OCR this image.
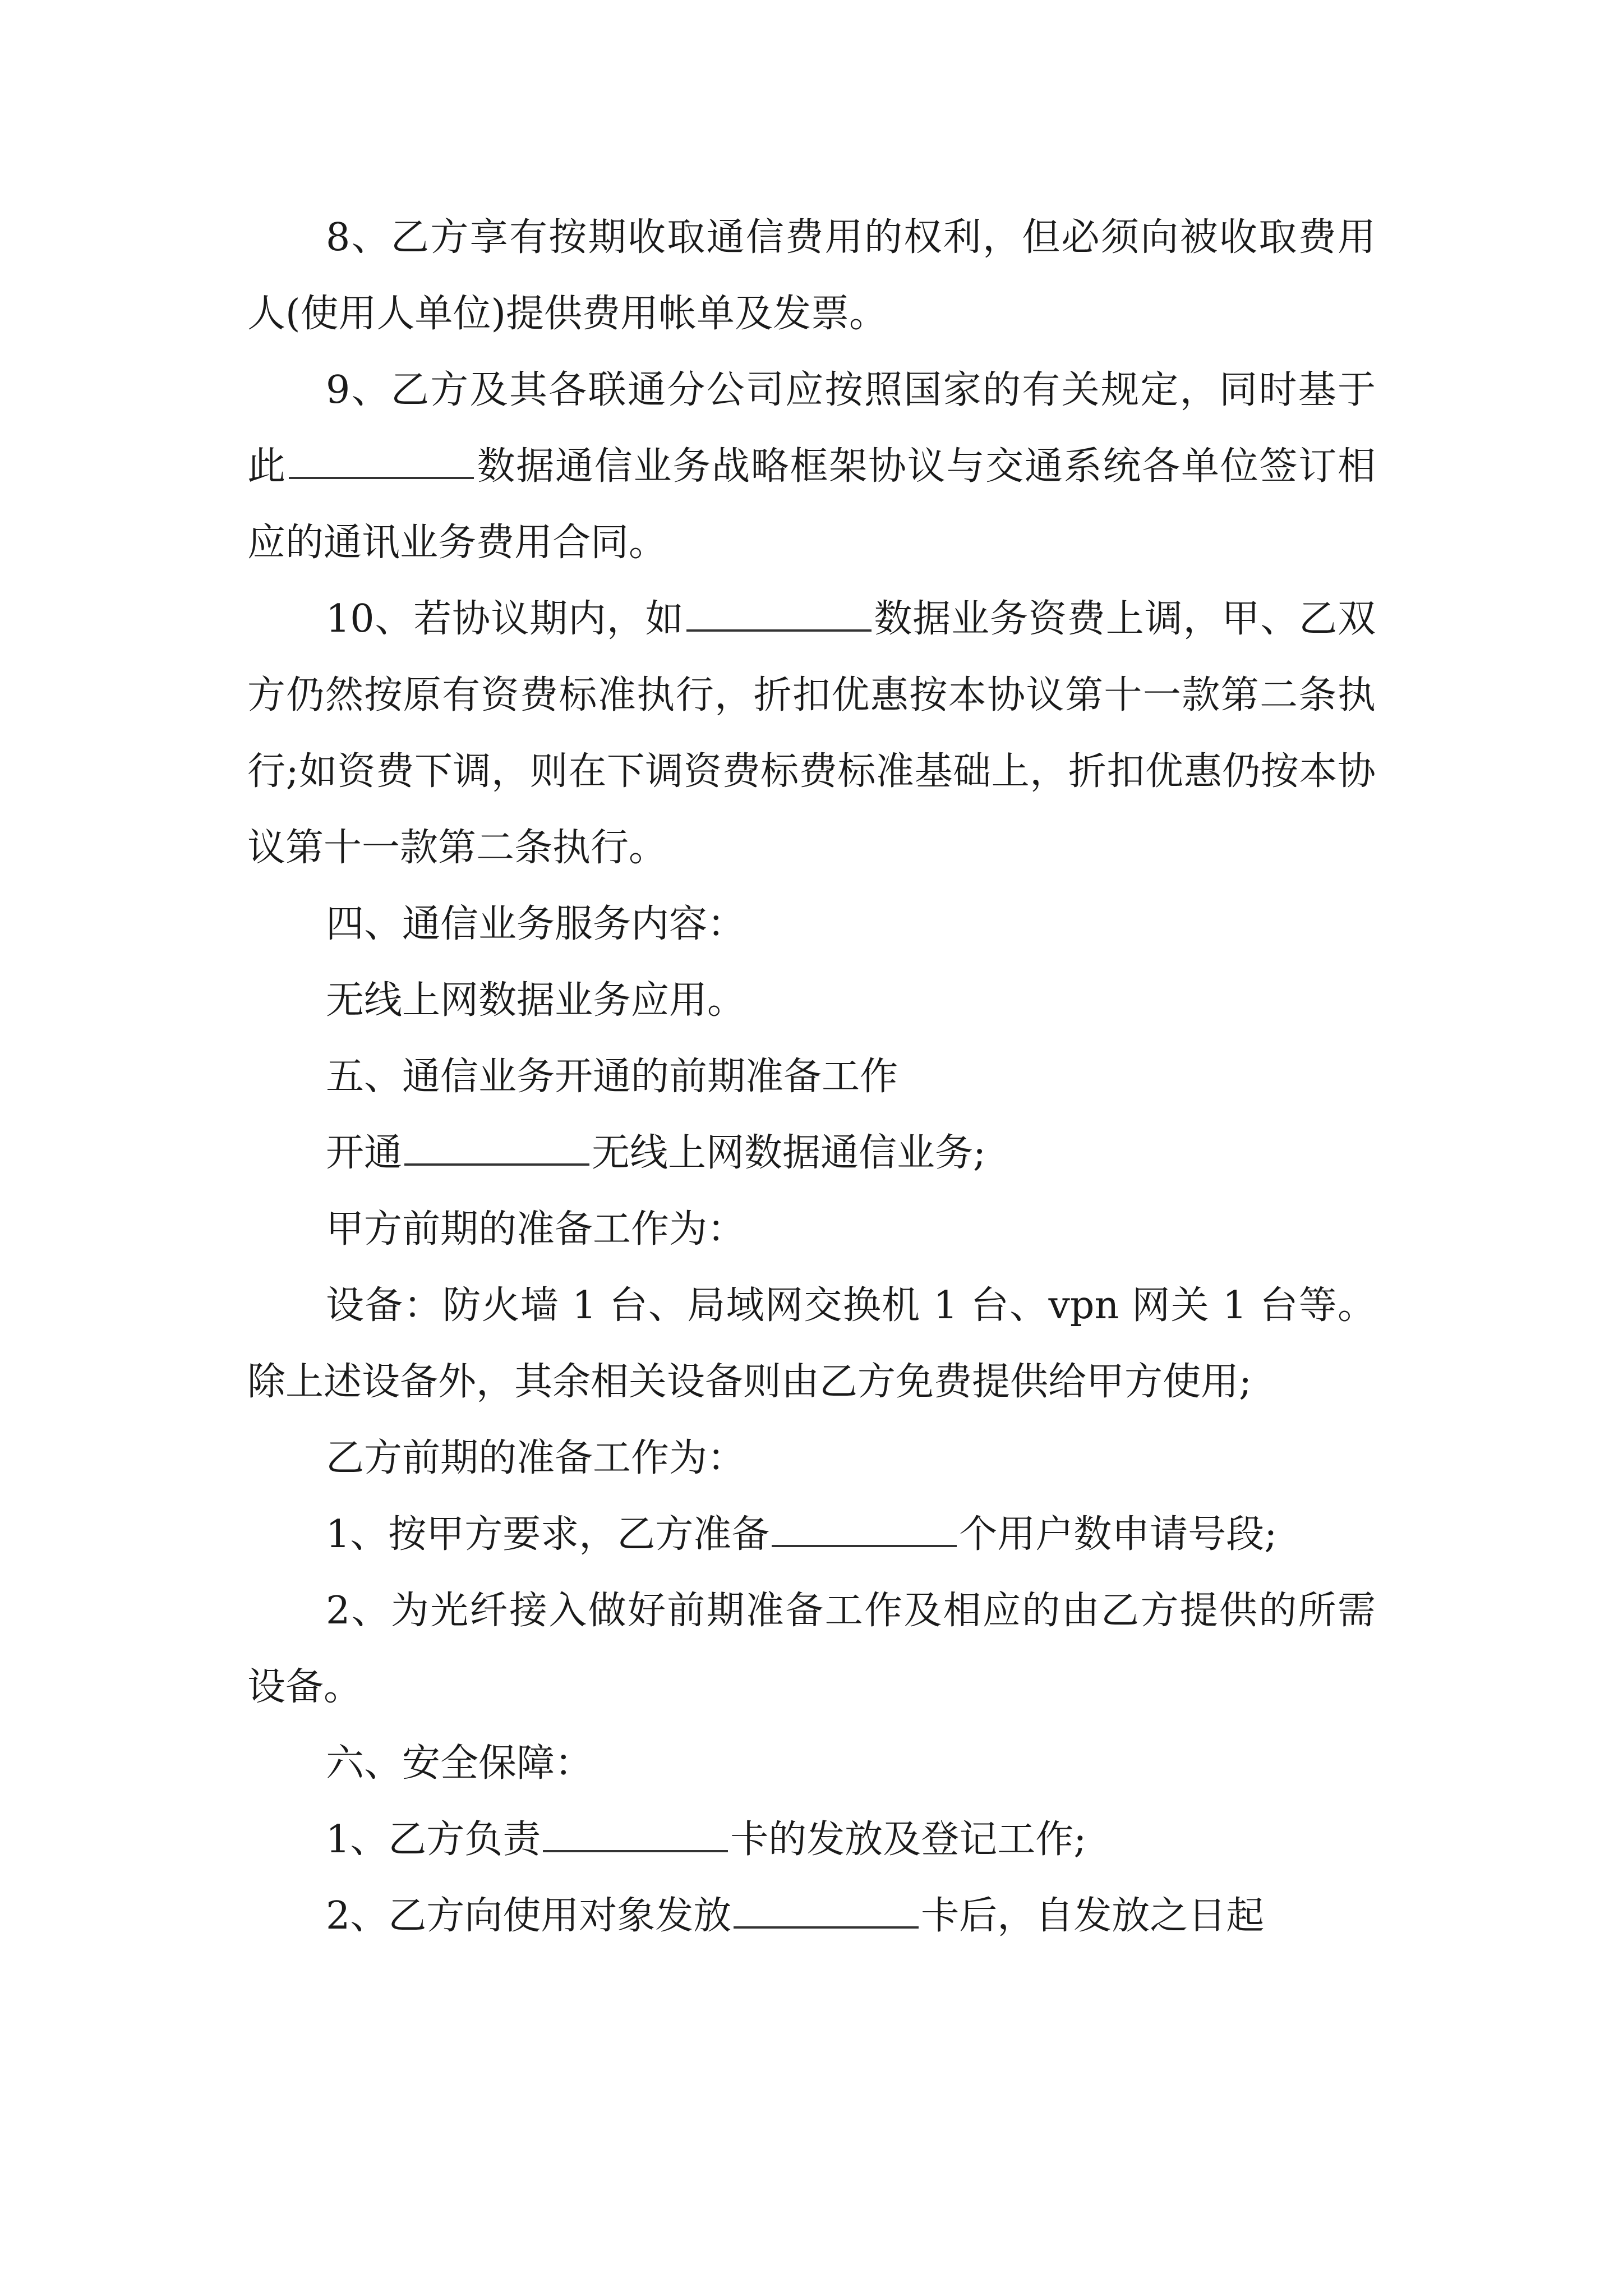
8、乙方享有按期收取通信费用的权利，但必须向被收取费用人(使用人单位)提供费用帐单及发票。

9、乙方及其各联通分公司应按照国家的有关规定，同时基于此	数据通信业务战略框架协议与交通系统各单位签订相应的通讯业务费用合同。

10、若协议期内，如	数据业务资费上调，甲、乙双方仍然按原有资费标准执行，折扣优惠按本协议第十一款第二条执行;如资费下调，则在下调资费标费标准基础上，折扣优惠仍按本协议第十一款第二条执行。

四、通信业务服务内容：

无线上网数据业务应用。

五、通信业务开通的前期准备工作

开通	无线上网数据通信业务;

甲方前期的准备工作为：

设备：防火墙 1 台、局域网交换机 1 台、vpn 网关 1 台等。除上述设备外，其余相关设备则由乙方免费提供给甲方使用;

乙方前期的准备工作为：

1、按甲方要求，乙方准备	个用户数申请号段;

2、为光纤接入做好前期准备工作及相应的由乙方提供的所需设备。

六、安全保障：

1、乙方负责	卡的发放及登记工作;

2、乙方向使用对象发放	卡后，自发放之日起
